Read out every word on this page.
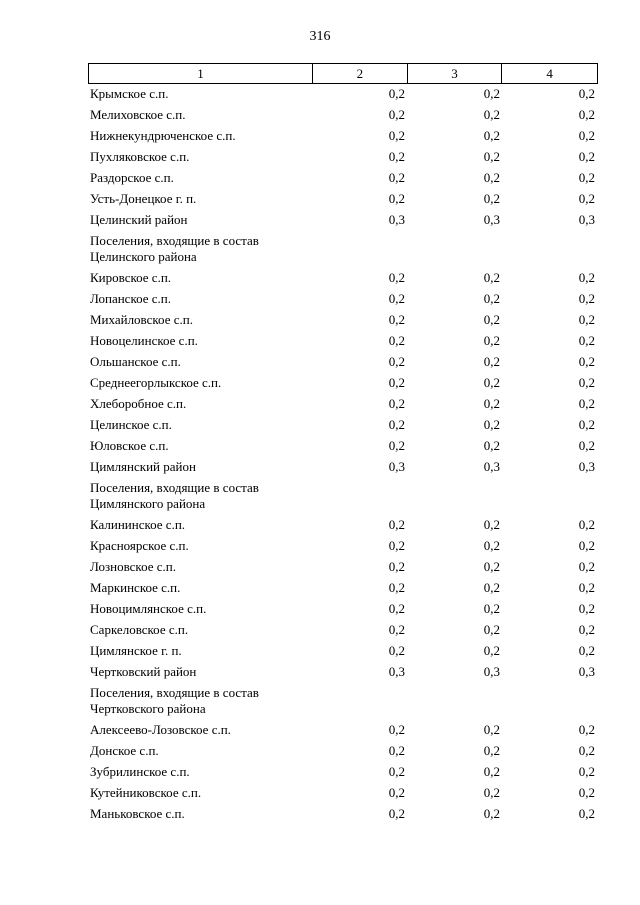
316
1	2	3	4
Крымское с.п.	0,2	0,2	0,2
Мелиховское с.п.	0,2	0,2	0,2
Нижнекундрюченское с.п.	0,2	0,2	0,2
Пухляковское с.п.	0,2	0,2	0,2
Раздорское с.п.	0,2	0,2	0,2
Усть-Донецкое г. п.	0,2	0,2	0,2
Целинский район	0,3	0,3	0,3
Поселения, входящие в состав
Целинского района
Кировское с.п.	0,2	0,2	0,2
Лопанское с.п.	0,2	0,2	0,2
Михайловское с.п.	0,2	0,2	0,2
Новоцелинское с.п.	0,2	0,2	0,2
Ольшанское с.п.	0,2	0,2	0,2
Среднеегорлыкское с.п.	0,2	0,2	0,2
Хлеборобное с.п.	0,2	0,2	0,2
Целинское с.п.	0,2	0,2	0,2
Юловское с.п.	0,2	0,2	0,2
Цимлянский район	0,3	0,3	0,3
Поселения, входящие в состав
Цимлянского района
Калининское с.п.	0,2	0,2	0,2
Красноярское с.п.	0,2	0,2	0,2
Лозновское с.п.	0,2	0,2	0,2
Маркинское с.п.	0,2	0,2	0,2
Новоцимлянское с.п.	0,2	0,2	0,2
Саркеловское с.п.	0,2	0,2	0,2
Цимлянское г. п.	0,2	0,2	0,2
Чертковский район	0,3	0,3	0,3
Поселения, входящие в состав
Чертковского района
Алексеево-Лозовское с.п.	0,2	0,2	0,2
Донское с.п.	0,2	0,2	0,2
Зубрилинское с.п.	0,2	0,2	0,2
Кутейниковское с.п.	0,2	0,2	0,2
Маньковское с.п.	0,2	0,2	0,2
